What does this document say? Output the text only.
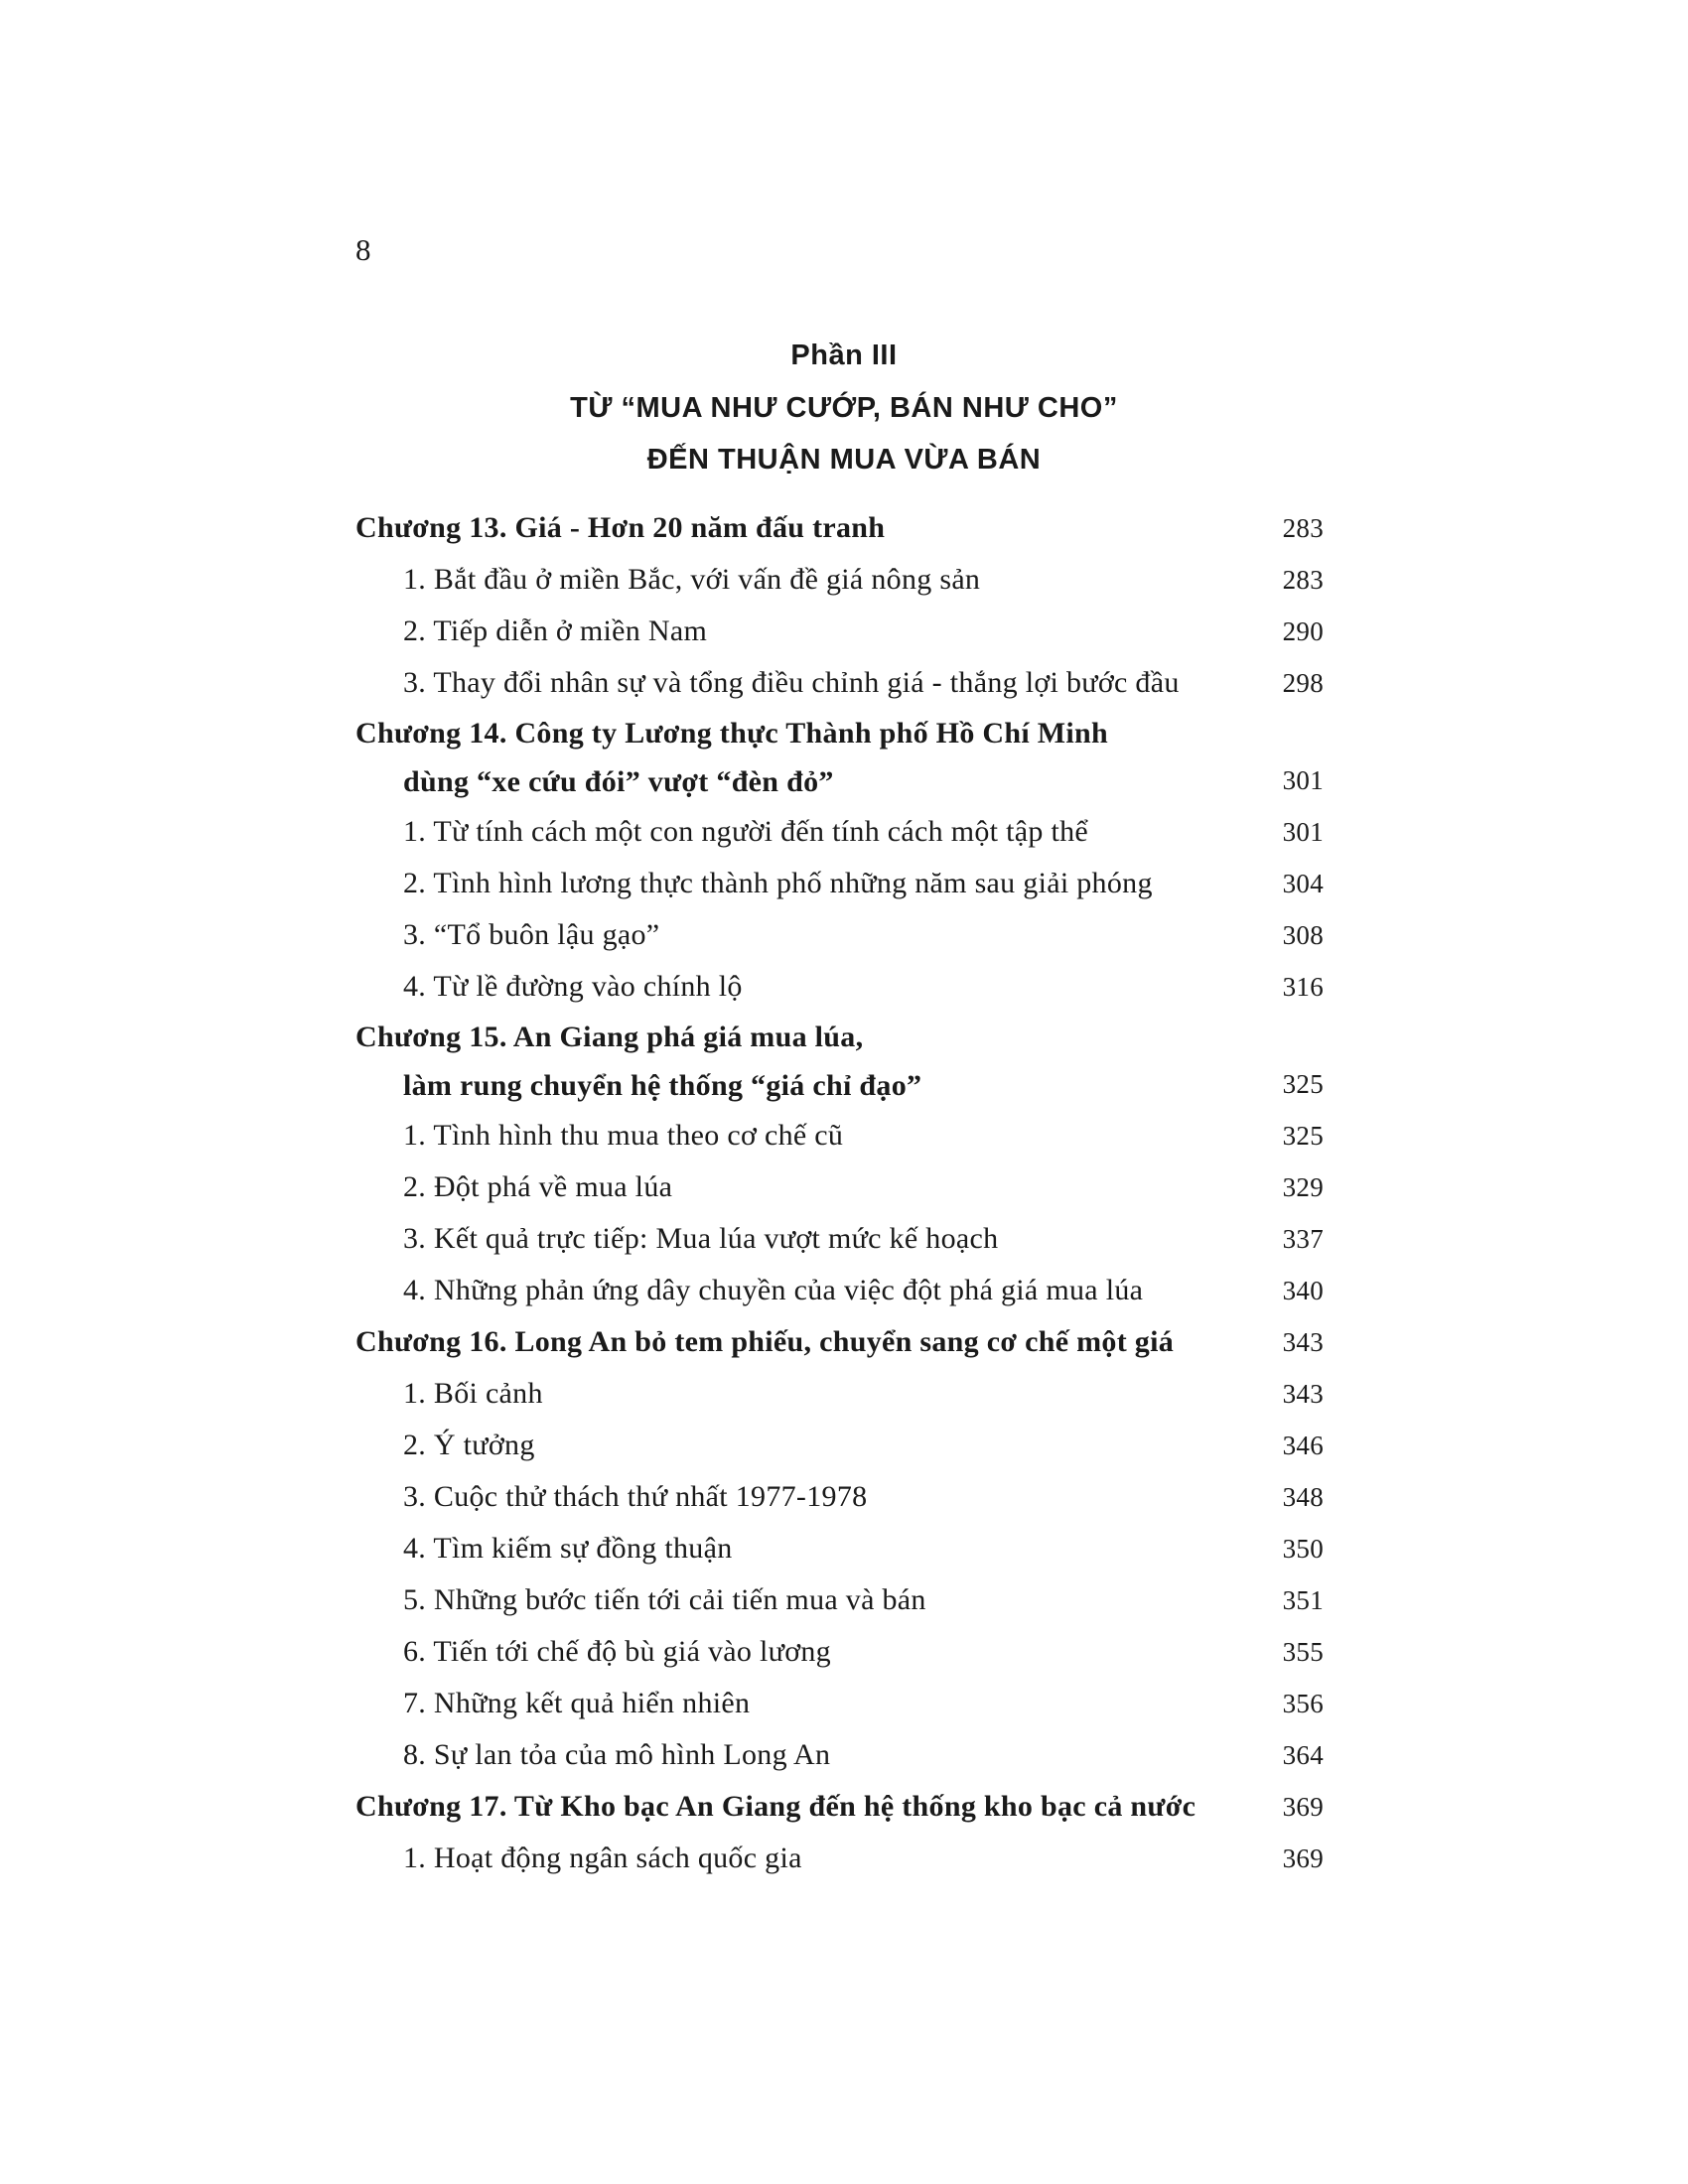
8
Phần III
TỪ “MUA NHƯ CƯỚP, BÁN NHƯ CHO”
ĐẾN THUẬN MUA VỪA BÁN
Chương 13. Giá - Hơn 20 năm đấu tranh	283
1. Bắt đầu ở miền Bắc, với vấn đề giá nông sản	283
2. Tiếp diễn ở miền Nam	290
3. Thay đổi nhân sự và tổng điều chỉnh giá - thắng lợi bước đầu	298
Chương 14. Công ty Lương thực Thành phố Hồ Chí Minh
dùng “xe cứu đói” vượt “đèn đỏ”	301
1. Từ tính cách một con người đến tính cách một tập thể	301
2. Tình hình lương thực thành phố những năm sau giải phóng	304
3. “Tổ buôn lậu gạo”	308
4. Từ lề đường vào chính lộ	316
Chương 15. An Giang phá giá mua lúa,
làm rung chuyển hệ thống “giá chỉ đạo”	325
1. Tình hình thu mua theo cơ chế cũ	325
2. Đột phá về mua lúa	329
3. Kết quả trực tiếp: Mua lúa vượt mức kế hoạch	337
4. Những phản ứng dây chuyền của việc đột phá giá mua lúa	340
Chương 16. Long An bỏ tem phiếu, chuyển sang cơ chế một giá	343
1. Bối cảnh	343
2. Ý tưởng	346
3. Cuộc thử thách thứ nhất 1977-1978	348
4. Tìm kiếm sự đồng thuận	350
5. Những bước tiến tới cải tiến mua và bán	351
6. Tiến tới chế độ bù giá vào lương	355
7. Những kết quả hiển nhiên	356
8. Sự lan tỏa của mô hình Long An	364
Chương 17. Từ Kho bạc An Giang đến hệ thống kho bạc cả nước	369
1. Hoạt động ngân sách quốc gia	369
